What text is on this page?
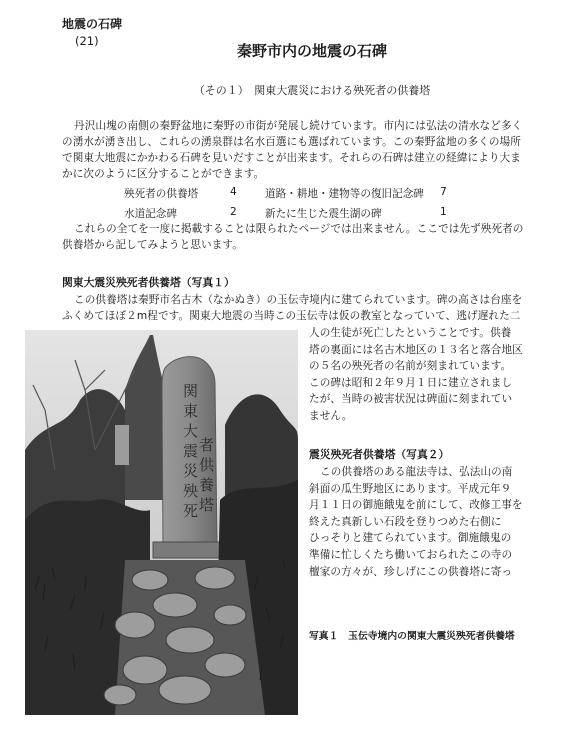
地震の石碑
(21)
秦野市内の地震の石碑
（その１）　関東大震災における殃死者の供養塔
丹沢山塊の南側の秦野盆地に秦野の市街が発展し続けています。市内には弘法の清水など多く
の湧水が湧き出し、これらの湧泉群は名水百選にも選ばれています。この秦野盆地の多くの場所
で関東大地震にかかわる石碑を見いだすことが出来ます。それらの石碑は建立の経緯により大ま
かに次のように区分することができます。
殃死者の供養塔	4	道路・耕地・建物等の復旧記念碑 7
水道記念碑	2	新たに生じた震生湖の碑	1
これらの全てを一度に掲載することは限られたページでは出来ません。ここでは先ず殃死者の
供養塔から記してみようと思います。
関東大震災殃死者供養塔（写真１）
この供養塔は秦野市名古木（なかぬき）の玉伝寺境内に建てられています。碑の高さは台座を
ふくめてほぼ２m程です。関東大地震の当時この玉伝寺は仮の教室となっていて、逃げ遅れた二
人の生徒が死亡したということです。供養
塔の裏面には名古木地区の１３名と落合地区
の５名の殃死者の名前が刻まれています。
この碑は昭和２年９月１日に建立されまし
たが、当時の被害状況は碑面に刻まれてい
ません。
震災殃死者供養塔（写真２）
この供養塔のある龍法寺は、弘法山の南
斜面の瓜生野地区にあります。平成元年９
月１１日の御施餓鬼を前にして、改修工事を
終えた真新しい石段を登りつめた右側に
ひっそりと建てられています。御施餓鬼の
準備に忙しくたち働いておられたこの寺の
檀家の方々が、珍しげにこの供養塔に寄っ
関
東
大
震
災
殃
死
者
供
養
塔
写真１　玉伝寺境内の関東大震災殃死者供養塔
